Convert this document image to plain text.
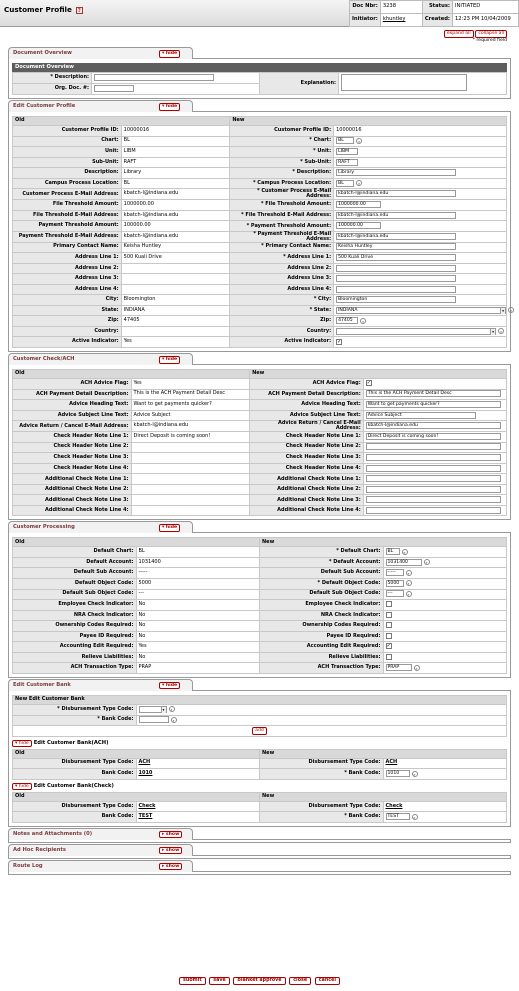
Customer Profile ?
Doc Nbr:	3238	Status:	INITIATED
Initiator:	khuntley	Created:	12:23 PM 10/04/2009
expand all collapse all
* required field
Document Overview	▾ hide
Document Overview
* Description:		Explanation:	
Org. Doc. #:			
Edit Customer Profile	▾ hide
Old		New	
Customer Profile ID:	10000016	Customer Profile ID:	10000016
Chart:	BL	* Chart:	BL ⌕
Unit:	LIBM	* Unit:	LIBM
Sub-Unit:	RAFT	* Sub-Unit:	RAFT
Description:	Library	* Description:	Library
Campus Process Location:	BL	* Campus Process Location:	BL ⌕
Customer Process E-Mail Address:	kbatch-l@indiana.edu	* Customer Process E-Mail Address:	kbatch-l@indiana.edu
File Threshold Amount:	1000000.00	* File Threshold Amount:	1000000.00
File Threshold E-Mail Address:	kbatch-l@indiana.edu	* File Threshold E-Mail Address:	kbatch-l@indiana.edu
Payment Threshold Amount:	100000.00	* Payment Threshold Amount:	100000.00
Payment Threshold E-Mail Address:	kbatch-l@indiana.edu	* Payment Threshold E-Mail Address:	kbatch-l@indiana.edu
Primary Contact Name:	Keisha Huntley	* Primary Contact Name:	Keisha Huntley
Address Line 1:	500 Kuali Drive	* Address Line 1:	500 Kuali Drive
Address Line 2:		Address Line 2:	
Address Line 3:		Address Line 3:	
Address Line 4:		Address Line 4:	
City:	Bloomington	* City:	Bloomington
State:	INDIANA	* State:	INDIANA ▾ ⌕
Zip:	47405	Zip:	47405 ⌕
Country:		Country:	▾ ⌕
Active Indicator:	Yes	Active Indicator:	✓
Customer Check/ACH	▾ hide
Old		New	
ACH Advice Flag:	Yes	ACH Advice Flag:	✓
ACH Payment Detail Description:	This is the ACH Payment Detail Desc	ACH Payment Detail Description:	This is the ACH Payment Detail Desc
Advice Heading Text:	Want to get payments quicker?	Advice Heading Text:	Want to get payments quicker?
Advice Subject Line Text:	Advice Subject	Advice Subject Line Text:	Advice Subject
Advice Return / Cancel E-Mail Address:	kbatch-l@indiana.edu	Advice Return / Cancel E-Mail Address:	kbatch-l@indiana.edu
Check Header Note Line 1:	Direct Deposit is coming soon!	Check Header Note Line 1:	Direct Deposit is coming soon!
Check Header Note Line 2:		Check Header Note Line 2:	
Check Header Note Line 3:		Check Header Note Line 3:	
Check Header Note Line 4:		Check Header Note Line 4:	
Additional Check Note Line 1:		Additional Check Note Line 1:	
Additional Check Note Line 2:		Additional Check Note Line 2:	
Additional Check Note Line 3:		Additional Check Note Line 3:	
Additional Check Note Line 4:		Additional Check Note Line 4:	
Customer Processing	▾ hide
Old		New	
Default Chart:	BL	* Default Chart:	BL ⌕
Default Account:	1031400	* Default Account:	1031400 ⌕
Default Sub Account:	-----	Default Sub Account:	----- ⌕
Default Object Code:	5000	* Default Object Code:	5000 ⌕
Default Sub Object Code:	---	Default Sub Object Code:	--- ⌕
Employee Check Indicator:	No	Employee Check Indicator:	
NRA Check Indicator:	No	NRA Check Indicator:	
Ownership Codes Required:	No	Ownership Codes Required:	
Payee ID Required:	No	Payee ID Required:	
Accounting Edit Required:	Yes	Accounting Edit Required:	✓
Relieve Liabilities:	No	Relieve Liabilities:	
ACH Transaction Type:	PRAP	ACH Transaction Type:	PRAP ⌕
Edit Customer Bank	▾ hide
New Edit Customer Bank	
* Disbursement Type Code:	▾ ⌕
* Bank Code:	⌕
add	
▾ hide Edit Customer Bank(ACH)
Old		New	
Disbursement Type Code:	ACH	Disbursement Type Code:	ACH
Bank Code:	1010	* Bank Code:	1010 ⌕
▾ hide Edit Customer Bank(Check)
Old		New	
Disbursement Type Code:	Check	Disbursement Type Code:	Check
Bank Code:	TEST	* Bank Code:	TEST ⌕
Notes and Attachments (0)	▸ show
Ad Hoc Recipients	▸ show
Route Log	▸ show
submit save blanket approve close cancel
